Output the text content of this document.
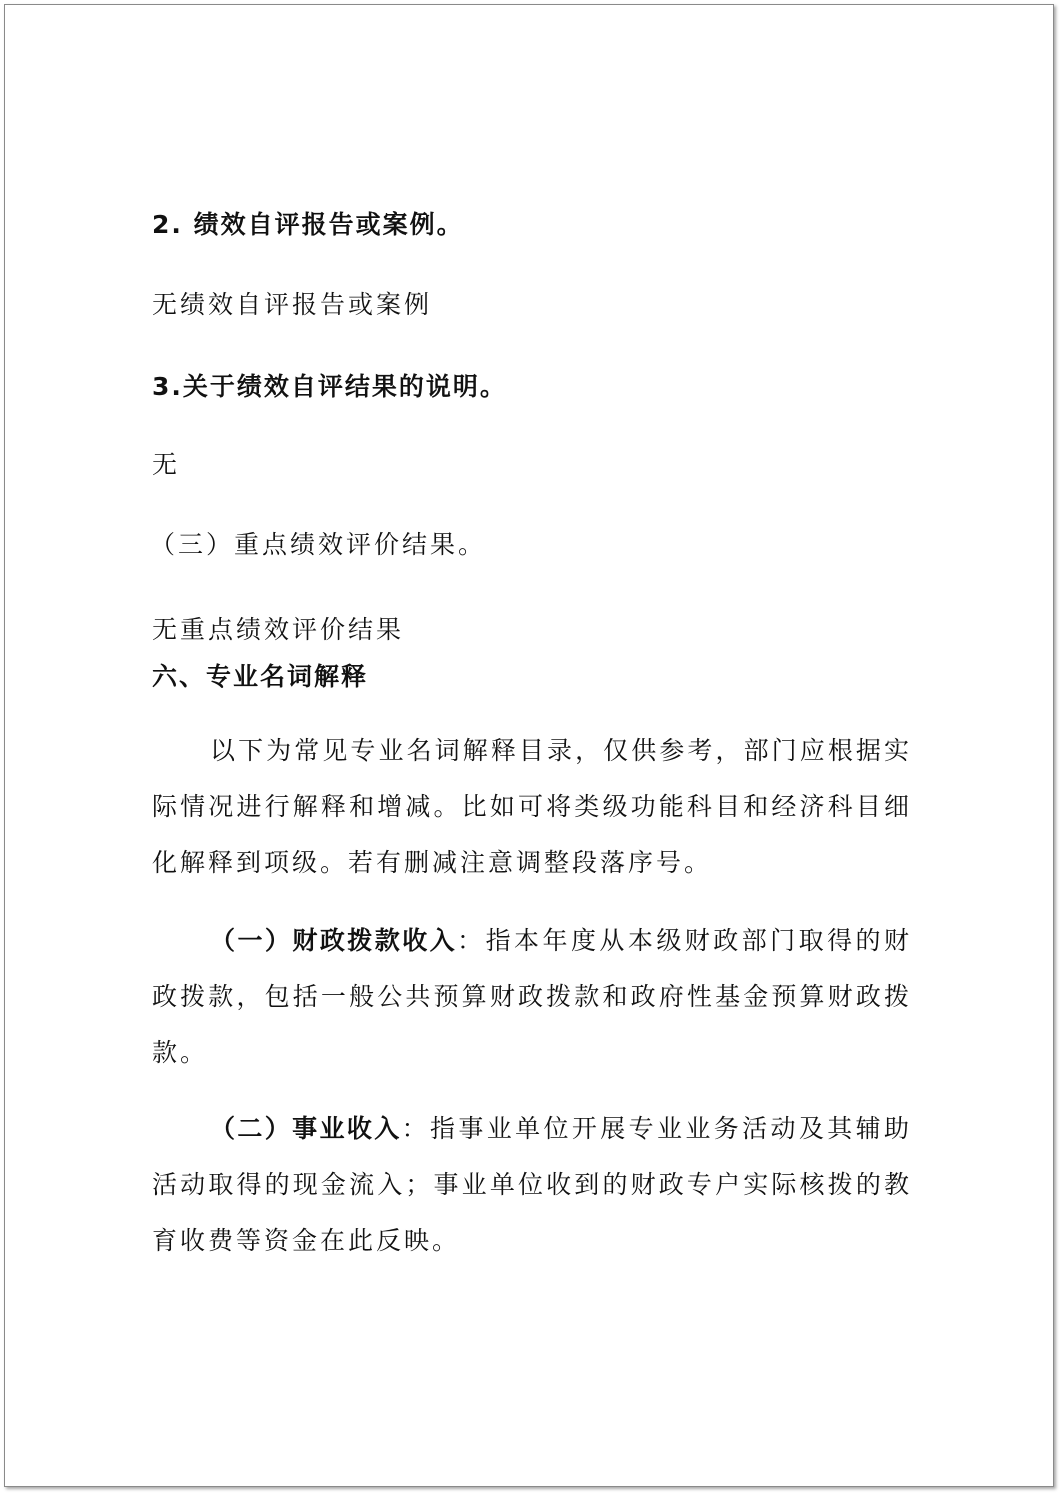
2. 绩效自评报告或案例。

无绩效自评报告或案例

3.关于绩效自评结果的说明。

无

（三）重点绩效评价结果。

无重点绩效评价结果

六、专业名词解释

以下为常见专业名词解释目录，仅供参考，部门应根据实际情况进行解释和增减。比如可将类级功能科目和经济科目细化解释到项级。若有删减注意调整段落序号。

（一）财政拨款收入：指本年度从本级财政部门取得的财政拨款，包括一般公共预算财政拨款和政府性基金预算财政拨款。

（二）事业收入：指事业单位开展专业业务活动及其辅助活动取得的现金流入；事业单位收到的财政专户实际核拨的教育收费等资金在此反映。
